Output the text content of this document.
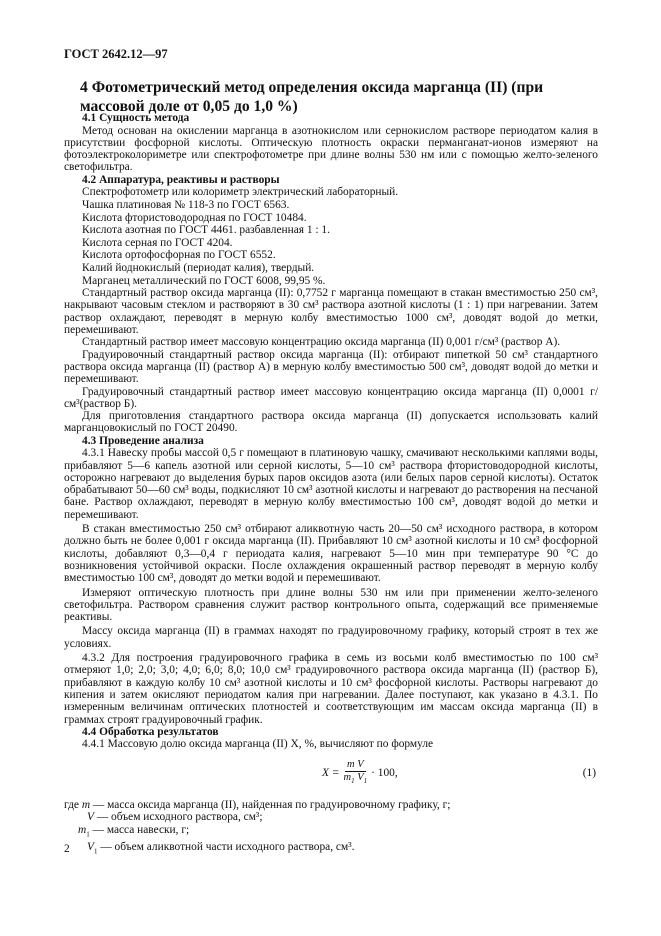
ГОСТ 2642.12—97
4 Фотометрический метод определения оксида марганца (II) (при массовой доле от 0,05 до 1,0 %)
4.1 Сущность метода

Метод основан на окислении марганца в азотнокислом или сернокислом растворе периодатом калия в присутствии фосфорной кислоты. Оптическую плотность окраски перманганат-ионов измеряют на фотоэлектроколориметре или спектрофотометре при длине волны 530 нм или с помощью желто-зеленого светофильтра.

4.2 Аппаратура, реактивы и растворы

Спектрофотометр или колориметр электрический лабораторный.

Чашка платиновая № 118-3 по ГОСТ 6563.

Кислота фтористоводородная по ГОСТ 10484.

Кислота азотная по ГОСТ 4461. разбавленная 1 : 1.

Кислота серная по ГОСТ 4204.

Кислота ортофосфорная по ГОСТ 6552.

Калий йоднокислый (периодат калия), твердый.

Марганец металлический по ГОСТ 6008, 99,95 %.

Стандартный раствор оксида марганца (II): 0,7752 г марганца помещают в стакан вместимостью 250 см³, накрывают часовым стеклом и растворяют в 30 см³ раствора азотной кислоты (1 : 1) при нагревании. Затем раствор охлаждают, переводят в мерную колбу вместимостью 1000 см³, доводят водой до метки, перемешивают.

Стандартный раствор имеет массовую концентрацию оксида марганца (II) 0,001 г/см³ (раствор А).

Градуировочный стандартный раствор оксида марганца (II): отбирают пипеткой 50 см³ стандартного раствора оксида марганца (II) (раствор А) в мерную колбу вместимостью 500 см³, доводят водой до метки и перемешивают.

Градуировочный стандартный раствор имеет массовую концентрацию оксида марганца (II) 0,0001 г/см³(раствор Б).

Для приготовления стандартного раствора оксида марганца (II) допускается использовать калий марганцовокислый по ГОСТ 20490.

4.3 Проведение анализа

4.3.1 Навеску пробы массой 0,5 г помещают в платиновую чашку, смачивают несколькими каплями воды, прибавляют 5—6 капель азотной или серной кислоты, 5—10 см³ раствора фтористоводородной кислоты, осторожно нагревают до выделения бурых паров оксидов азота (или белых паров серной кислоты). Остаток обрабатывают 50—60 см³ воды, подкисляют 10 см³ азотной кислоты и нагревают до растворения на песчаной бане. Раствор охлаждают, переводят в мерную колбу вместимостью 100 см³, доводят водой до метки и перемешивают.

В стакан вместимостью 250 см³ отбирают аликвотную часть 20—50 см³ исходного раствора, в котором должно быть не более 0,001 г оксида марганца (II). Прибавляют 10 см³ азотной кислоты и 10 см³ фосфорной кислоты, добавляют 0,3—0,4 г периодата калия, нагревают 5—10 мин при температуре 90 °С до возникновения устойчивой окраски. После охлаждения окрашенный раствор переводят в мерную колбу вместимостью 100 см³, доводят до метки водой и перемешивают.

Измеряют оптическую плотность при длине волны 530 нм или при применении желто-зеленого светофильтра. Раствором сравнения служит раствор контрольного опыта, содержащий все применяемые реактивы.

Массу оксида марганца (II) в граммах находят по градуировочному графику, который строят в тех же условиях.

4.3.2 Для построения градуировочного графика в семь из восьми колб вместимостью по 100 см³ отмеряют 1,0; 2,0; 3,0; 4,0; 6,0; 8,0; 10,0 см³ градуировочного раствора оксида марганца (II) (раствор Б), прибавляют в каждую колбу 10 см³ азотной кислоты и 10 см³ фосфорной кислоты. Растворы нагревают до кипения и затем окисляют периодатом калия при нагревании. Далее поступают, как указано в 4.3.1. По измеренным величинам оптических плотностей и соответствующим им массам оксида марганца (II) в граммах строят градуировочный график.

4.4 Обработка результатов

4.4.1 Массовую долю оксида марганца (II) X, %, вычисляют по формуле

$X = \frac{\text{m V}}{m_1 V_1} \cdot 100$,	(1)
где m — масса оксида марганца (II), найденная по градуировочному графику, г;
V — объем исходного раствора, см³;
$m_1$ — масса навески, г;
$V_1$ — объем аликвотной части исходного раствора, см³.
2
